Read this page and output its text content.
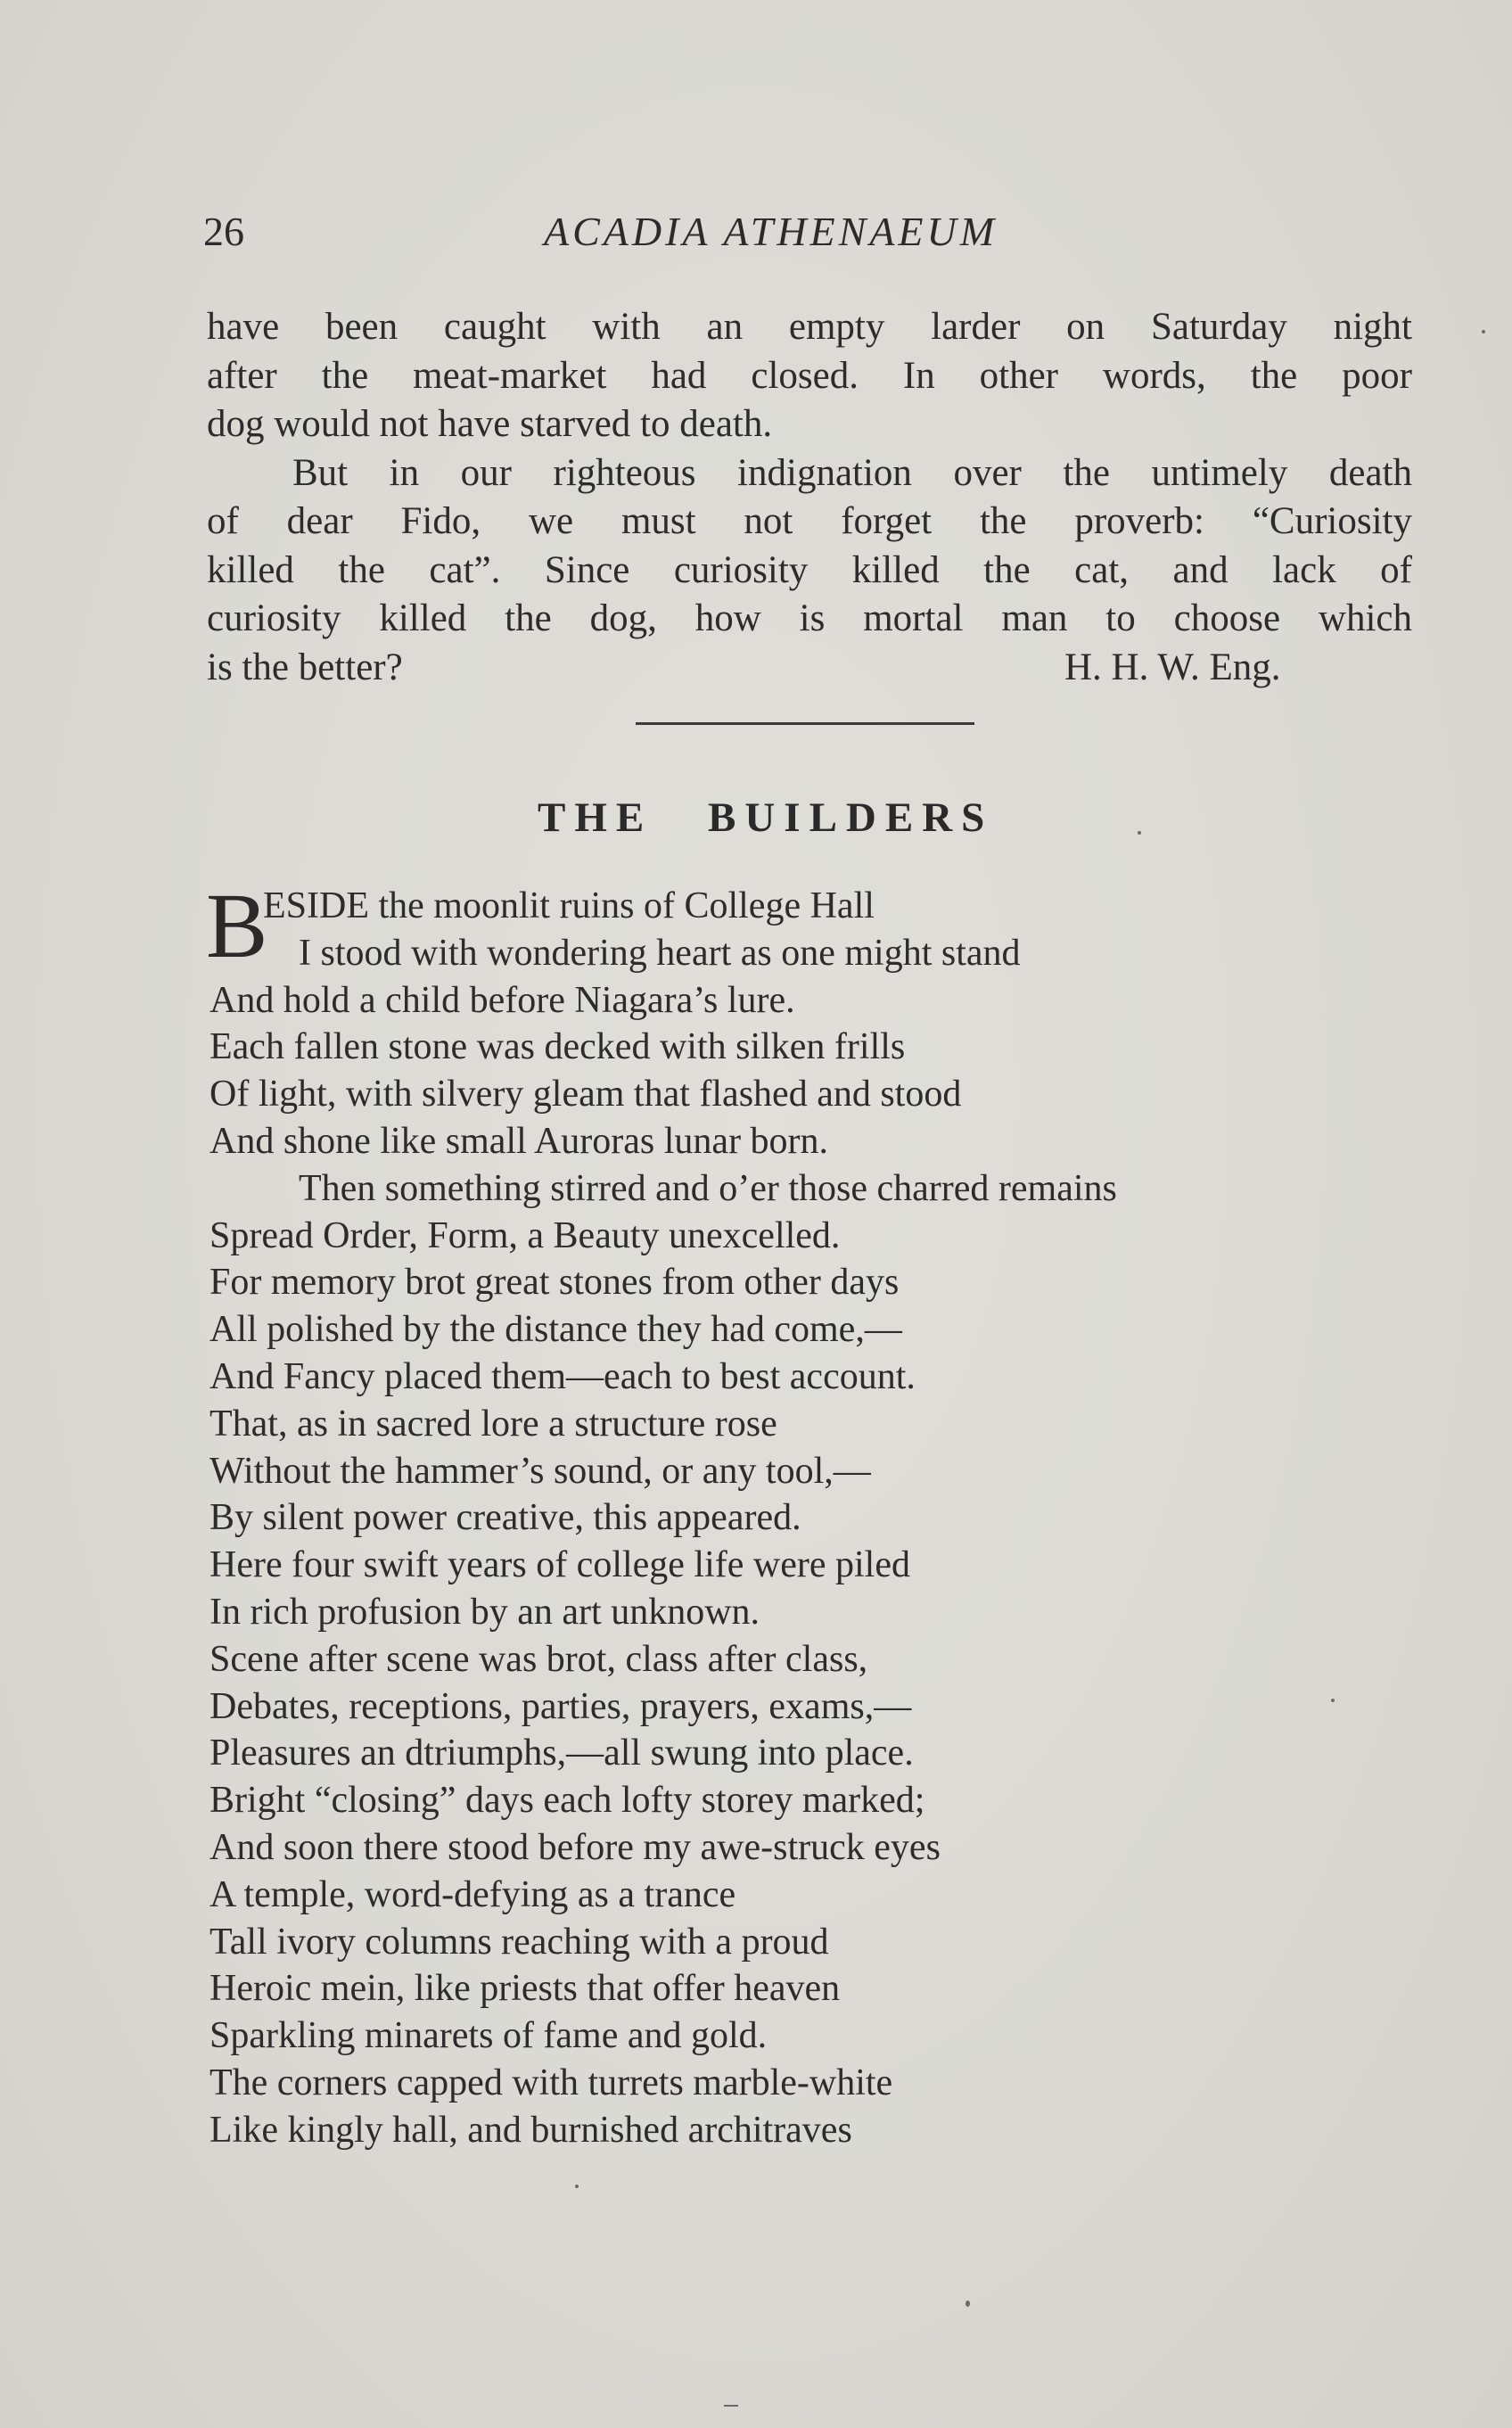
26	ACADIA ATHENAEUM
have been caught with an empty larder on Saturday night
after the meat-market had closed. In other words, the poor
dog would not have starved to death.
But in our righteous indignation over the untimely death
of dear Fido, we must not forget the proverb: “Curiosity
killed the cat”. Since curiosity killed the cat, and lack of
curiosity killed the dog, how is mortal man to choose which
is the better?	H. H. W. Eng.
THE BUILDERS
B
ESIDE the moonlit ruins of College Hall
I stood with wondering heart as one might stand
And hold a child before Niagara’s lure.
Each fallen stone was decked with silken frills
Of light, with silvery gleam that flashed and stood
And shone like small Auroras lunar born.
Then something stirred and o’er those charred remains
Spread Order, Form, a Beauty unexcelled.
For memory brot great stones from other days
All polished by the distance they had come,—
And Fancy placed them—each to best account.
That, as in sacred lore a structure rose
Without the hammer’s sound, or any tool,—
By silent power creative, this appeared.
Here four swift years of college life were piled
In rich profusion by an art unknown.
Scene after scene was brot, class after class,
Debates, receptions, parties, prayers, exams,—
Pleasures an dtriumphs,—all swung into place.
Bright “closing” days each lofty storey marked;
And soon there stood before my awe-struck eyes
A temple, word-defying as a trance
Tall ivory columns reaching with a proud
Heroic mein, like priests that offer heaven
Sparkling minarets of fame and gold.
The corners capped with turrets marble-white
Like kingly hall, and burnished architraves
